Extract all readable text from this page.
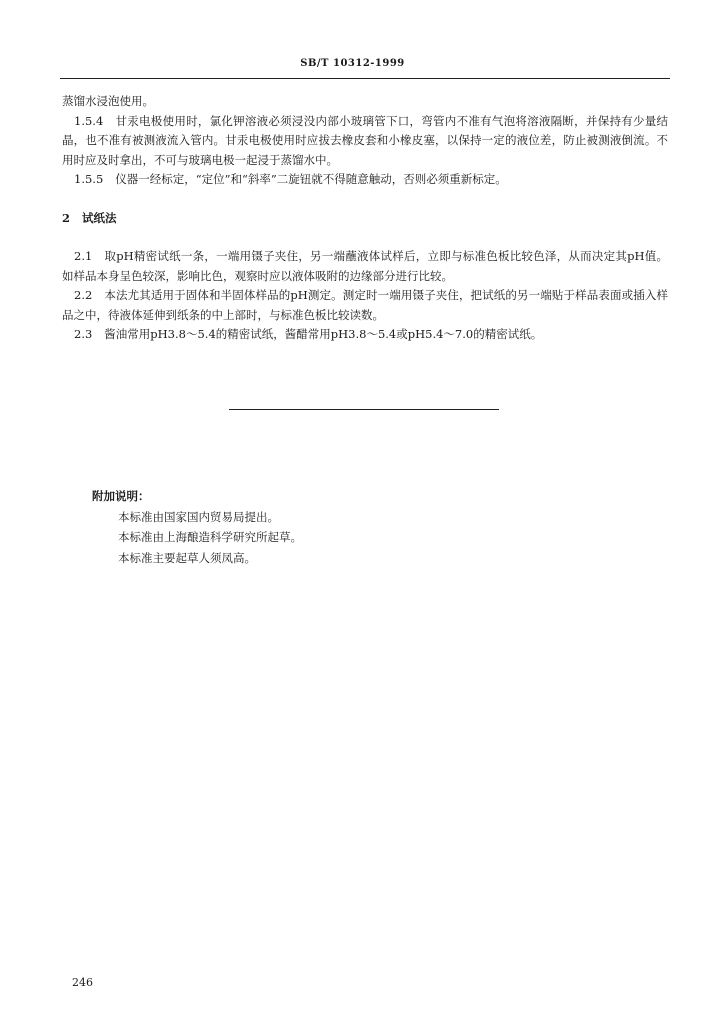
SB/T 10312-1999

蒸馏水浸泡使用。

1.5.4 甘汞电极使用时，氯化钾溶液必须浸没内部小玻璃管下口，弯管内不准有气泡将溶液隔断，并保持有少量结晶，也不准有被测液流入管内。甘汞电极使用时应拔去橡皮套和小橡皮塞，以保持一定的液位差，防止被测液倒流。不用时应及时拿出，不可与玻璃电极一起浸于蒸馏水中。

1.5.5 仪器一经标定，“定位”和“斜率”二旋钮就不得随意触动，否则必须重新标定。

2 试纸法

2.1 取pH精密试纸一条，一端用镊子夹住，另一端蘸液体试样后，立即与标准色板比较色泽，从而决定其pH值。如样品本身呈色较深，影响比色，观察时应以液体吸附的边缘部分进行比较。

2.2 本法尤其适用于固体和半固体样品的pH测定。测定时一端用镊子夹住，把试纸的另一端贴于样品表面或插入样品之中，待液体延伸到纸条的中上部时，与标准色板比较读数。

2.3 酱油常用pH3.8～5.4的精密试纸，酱醋常用pH3.8～5.4或pH5.4～7.0的精密试纸。

附加说明：
本标准由国家国内贸易局提出。
本标准由上海酿造科学研究所起草。
本标准主要起草人须凤高。
246
